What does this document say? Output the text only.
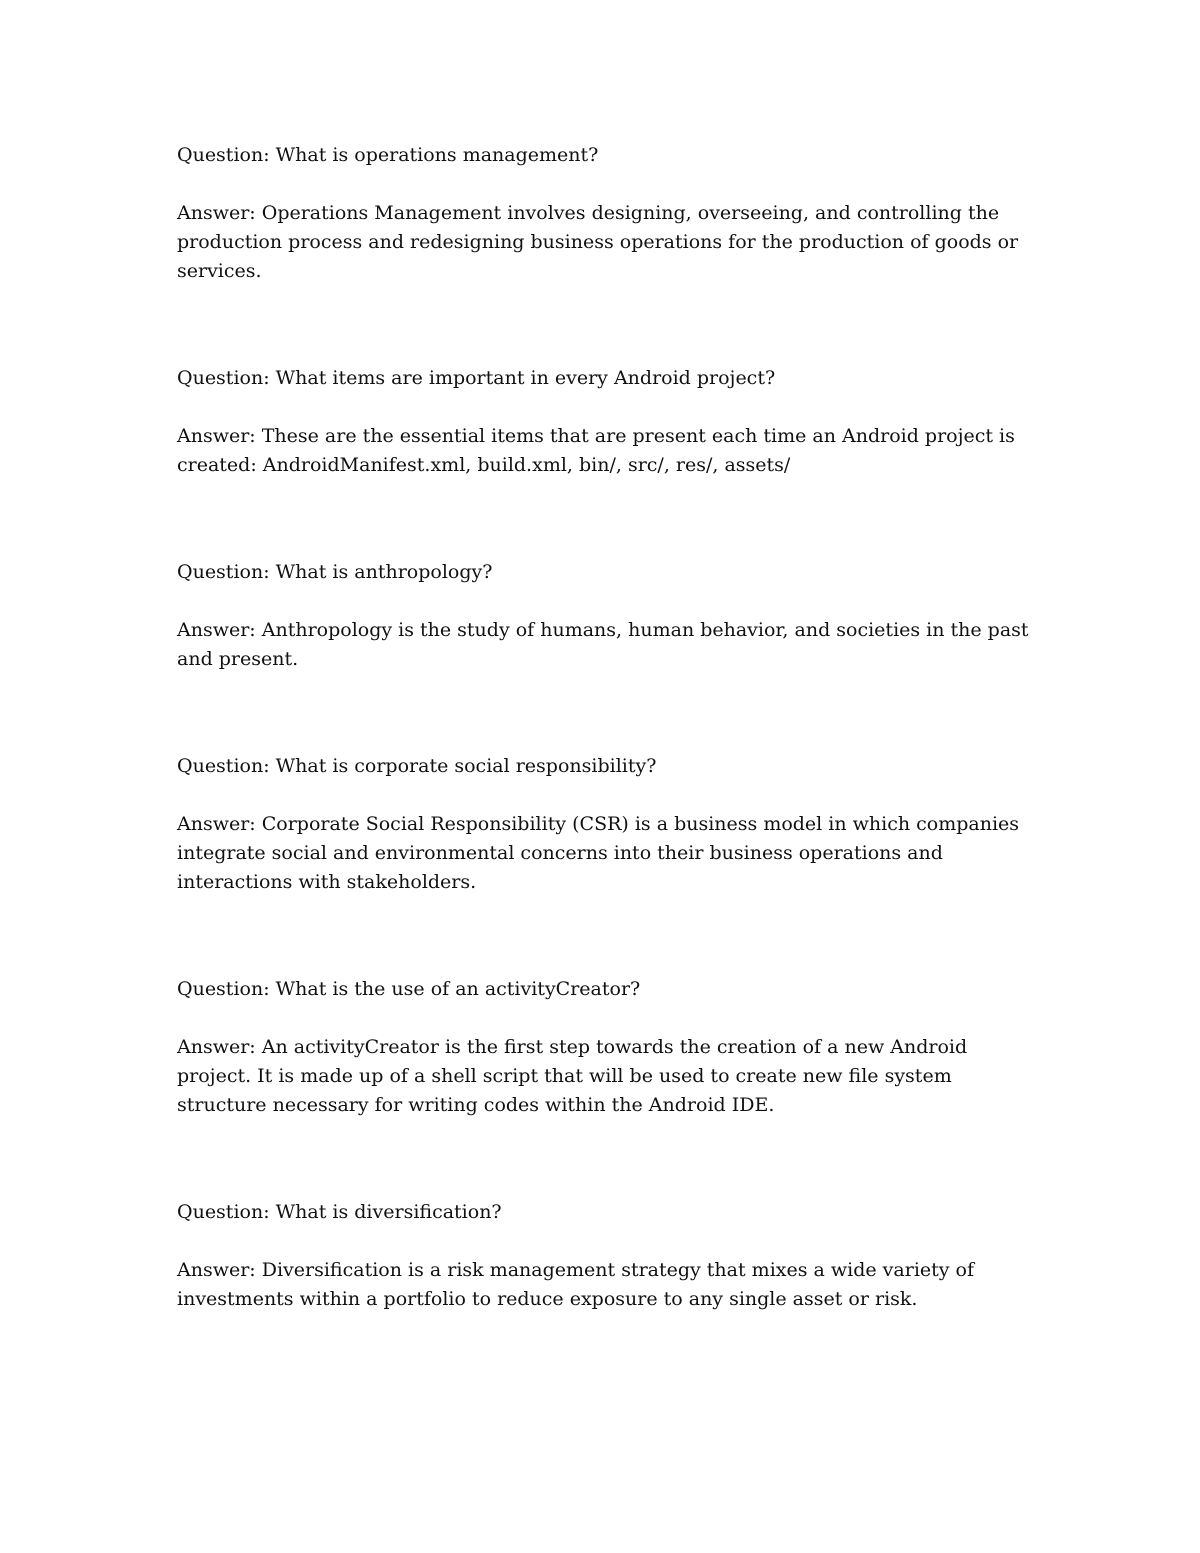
Question: What is operations management?

Answer: Operations Management involves designing, overseeing, and controlling the production process and redesigning business operations for the production of goods or services.

Question: What items are important in every Android project?

Answer: These are the essential items that are present each time an Android project is created: AndroidManifest.xml, build.xml, bin/, src/, res/, assets/

Question: What is anthropology?

Answer: Anthropology is the study of humans, human behavior, and societies in the past and present.

Question: What is corporate social responsibility?

Answer: Corporate Social Responsibility (CSR) is a business model in which companies integrate social and environmental concerns into their business operations and interactions with stakeholders.

Question: What is the use of an activityCreator?

Answer: An activityCreator is the first step towards the creation of a new Android project. It is made up of a shell script that will be used to create new file system structure necessary for writing codes within the Android IDE.

Question: What is diversification?

Answer: Diversification is a risk management strategy that mixes a wide variety of investments within a portfolio to reduce exposure to any single asset or risk.
